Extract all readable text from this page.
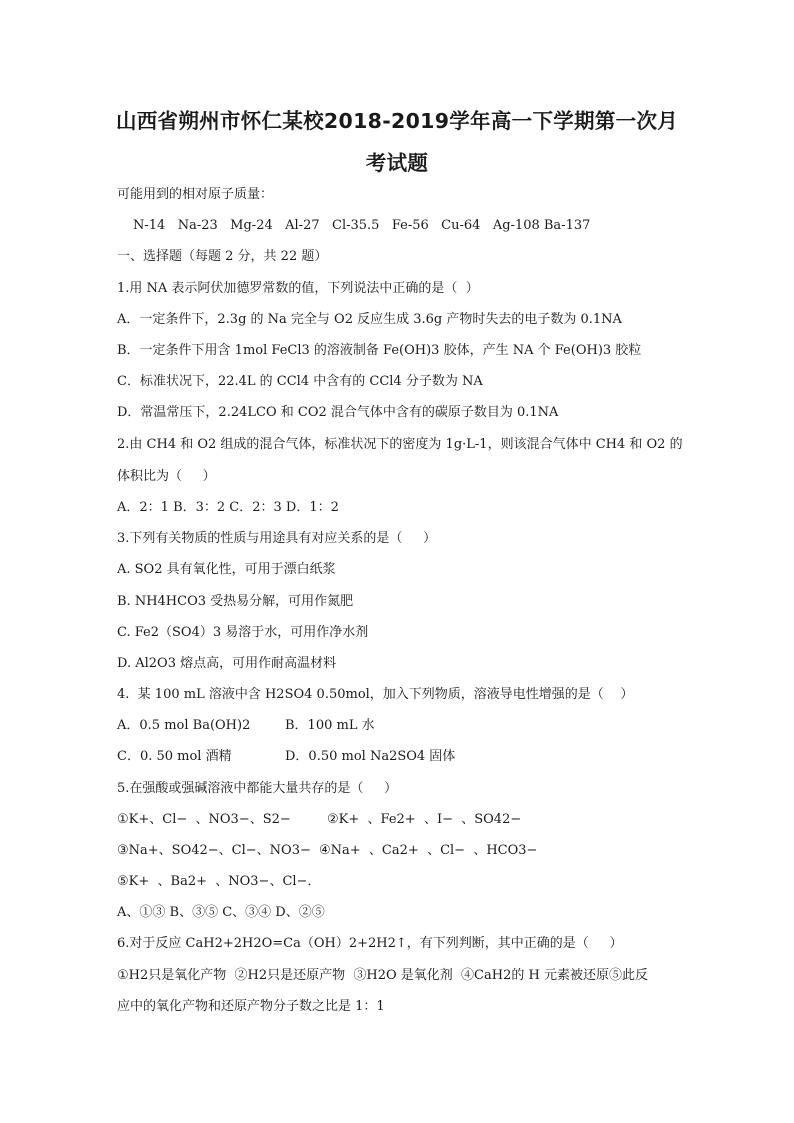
山西省朔州市怀仁某校2018-2019学年高一下学期第一次月
考试题
可能用到的相对原子质量：
N-14   Na-23   Mg-24   Al-27   Cl-35.5   Fe-56   Cu-64   Ag-108 Ba-137
一、选择题（每题 2 分，共 22 题）
1.用 NA 表示阿伏加德罗常数的值，下列说法中正确的是（  ）
A．一定条件下，2.3g 的 Na 完全与 O2 反应生成 3.6g 产物时失去的电子数为 0.1NA
B．一定条件下用含 1mol FeCl3 的溶液制备 Fe(OH)3 胶体，产生 NA 个 Fe(OH)3 胶粒
C．标准状况下，22.4L 的 CCl4 中含有的 CCl4 分子数为 NA
D．常温常压下，2.24LCO 和 CO2 混合气体中含有的碳原子数目为 0.1NA
2.由 CH4 和 O2 组成的混合气体，标准状况下的密度为 1g·L-1，则该混合气体中 CH4 和 O2 的
体积比为（     ）
A．2：1 B．3：2 C．2：3 D．1：2
3.下列有关物质的性质与用途具有对应关系的是（     ）
A. SO2 具有氧化性，可用于漂白纸浆
B. NH4HCO3 受热易分解，可用作氮肥
C. Fe2（SO4）3 易溶于水，可用作净水剂
D. Al2O3 熔点高，可用作耐高温材料
4.  某 100 mL 溶液中含 H2SO4 0.50mol，加入下列物质，溶液导电性增强的是（    ）
A．0.5 mol Ba(OH)2	B．100 mL 水
C．0. 50 mol 酒精	D．0.50 mol Na2SO4 固体
5.在强酸或强碱溶液中都能大量共存的是（     ）
①K+、Cl−  、NO3−、S2−	②K+  、Fe2+  、I−  、SO42−
③Na+、SO42−、Cl−、NO3− ④Na+  、Ca2+  、Cl−  、HCO3−
⑤K+  、Ba2+  、NO3−、Cl−．
A、①③ B、③⑤ C、③④ D、②⑤
6.对于反应 CaH2+2H2O=Ca（OH）2+2H2↑，有下列判断，其中正确的是（     ）
①H2只是氧化产物  ②H2只是还原产物  ③H2O 是氧化剂  ④CaH2的 H 元素被还原⑤此反
应中的氧化产物和还原产物分子数之比是 1：1
